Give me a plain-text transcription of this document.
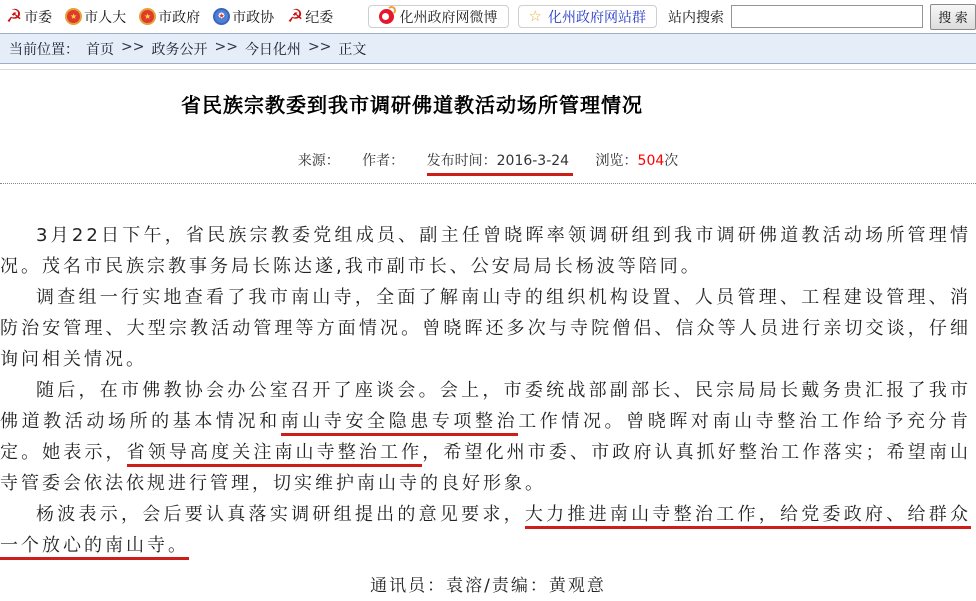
☭ 市委	★ 市人大	★ 市政府	★ 市政协 ☭ 纪委	化州政府网微博 ☆ 化州政府网站群 站内搜索	搜 索
当前位置： 首页 >> 政务公开 >> 今日化州 >> 正文
省民族宗教委到我市调研佛道教活动场所管理情况
来源： 作者： 发布时间：2016-3-24 浏览：504次

3月22日下午，省民族宗教委党组成员、副主任曾晓晖率领调研组到我市调研佛道教活动场所管理情况。茂名市民族宗教事务局长陈达遂,我市副市长、公安局局长杨波等陪同。

调查组一行实地查看了我市南山寺，全面了解南山寺的组织机构设置、人员管理、工程建设管理、消防治安管理、大型宗教活动管理等方面情况。曾晓晖还多次与寺院僧侣、信众等人员进行亲切交谈，仔细询问相关情况。

随后，在市佛教协会办公室召开了座谈会。会上，市委统战部副部长、民宗局局长戴务贵汇报了我市佛道教活动场所的基本情况和南山寺安全隐患专项整治工作情况。曾晓晖对南山寺整治工作给予充分肯定。她表示，省领导高度关注南山寺整治工作，希望化州市委、市政府认真抓好整治工作落实；希望南山寺管委会依法依规进行管理，切实维护南山寺的良好形象。

杨波表示，会后要认真落实调研组提出的意见要求，大力推进南山寺整治工作，给党委政府、给群众一个放心的南山寺。

通讯员：袁溶/责编：黄观意
